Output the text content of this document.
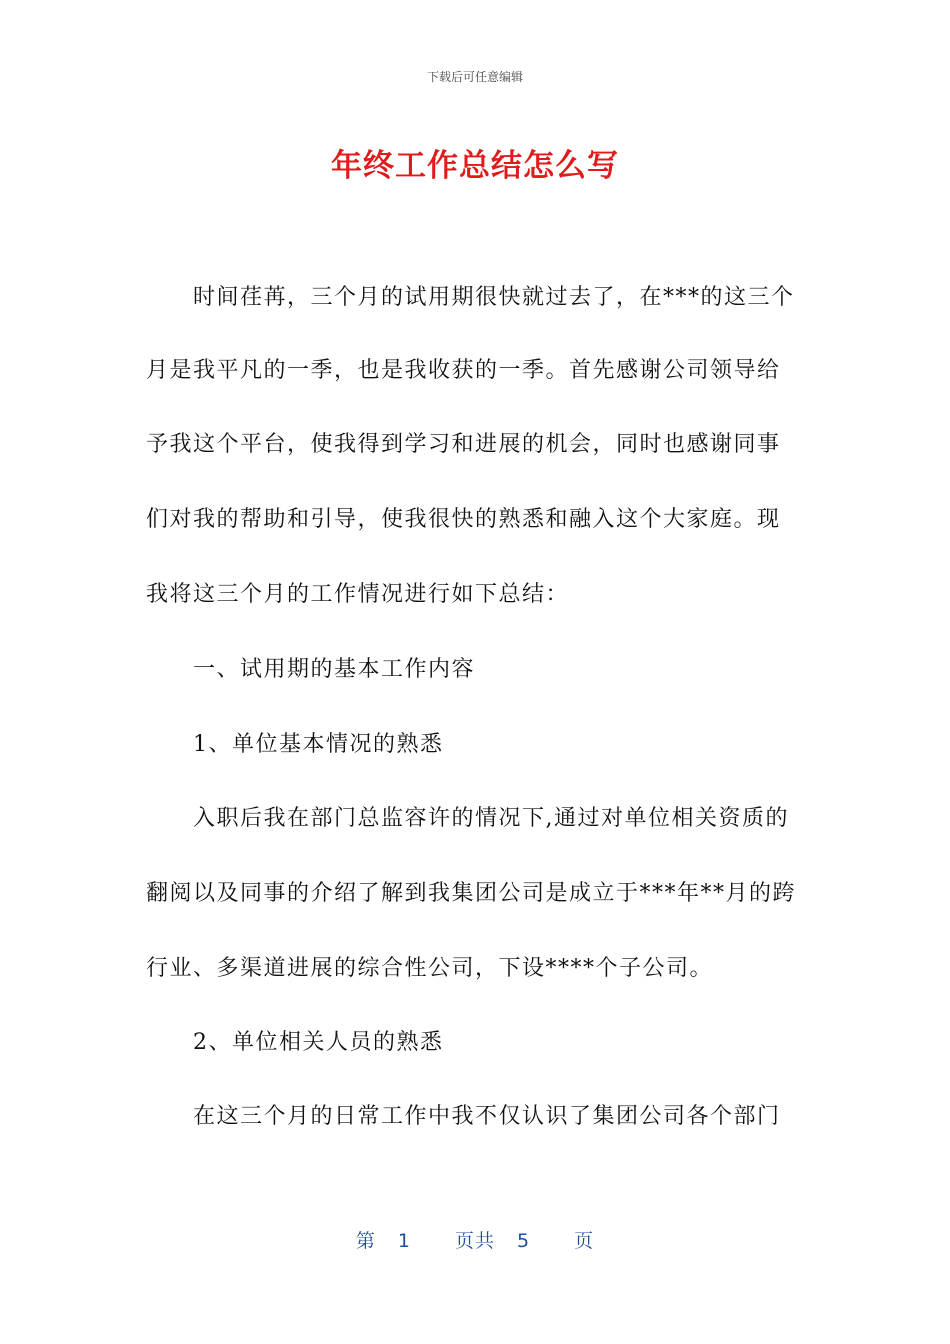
下载后可任意编辑
年终工作总结怎么写
时间荏苒，三个月的试用期很快就过去了，在***的这三个
月是我平凡的一季，也是我收获的一季。首先感谢公司领导给
予我这个平台，使我得到学习和进展的机会，同时也感谢同事
们对我的帮助和引导，使我很快的熟悉和融入这个大家庭。现
我将这三个月的工作情况进行如下总结：
一、试用期的基本工作内容
1、单位基本情况的熟悉
入职后我在部门总监容许的情况下,通过对单位相关资质的
翻阅以及同事的介绍了解到我集团公司是成立于***年**月的跨
行业、多渠道进展的综合性公司，下设****个子公司。
2、单位相关人员的熟悉
在这三个月的日常工作中我不仅认识了集团公司各个部门
第 1 页共 5 页
